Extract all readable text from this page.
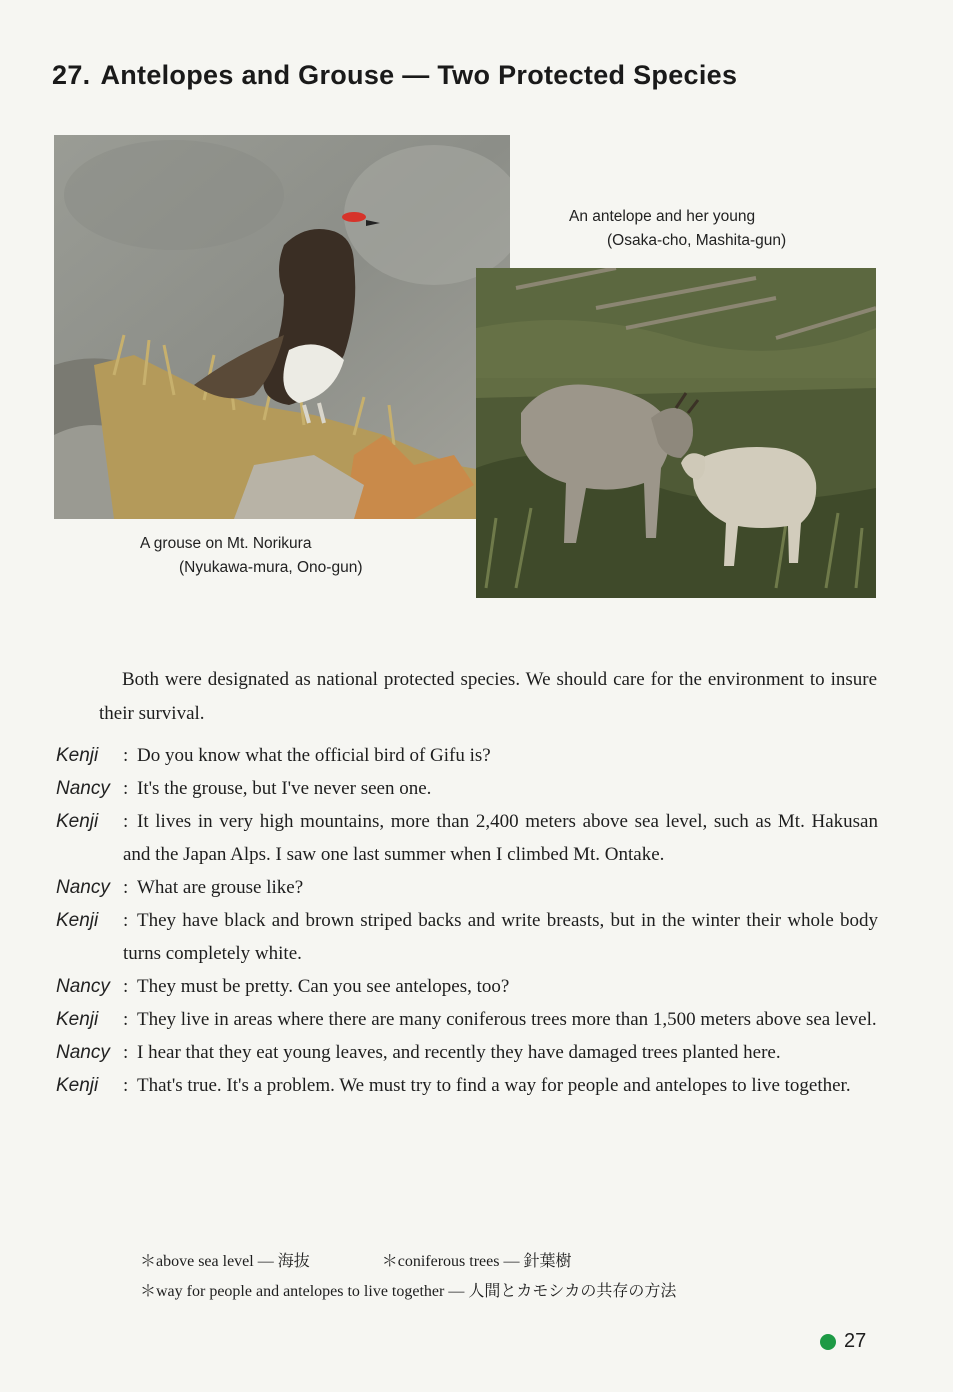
27. Antelopes and Grouse — Two Protected Species
An antelope and her young
(Osaka-cho, Mashita-gun)
A grouse on Mt. Norikura
(Nyukawa-mura, Ono-gun)
Both were designated as national protected species. We should care for the environment to insure their survival.
Kenji	: Do you know what the official bird of Gifu is?
Nancy : It's the grouse, but I've never seen one.
Kenji	: It lives in very high mountains, more than 2,400 meters above sea level, such as Mt. Hakusan and the Japan Alps. I saw one last summer when I climbed Mt. Ontake.
Nancy : What are grouse like?
Kenji	: They have black and brown striped backs and write breasts, but in the winter their whole body turns completely white.
Nancy : They must be pretty. Can you see antelopes, too?
Kenji	: They live in areas where there are many coniferous trees more than 1,500 meters above sea level.
Nancy : I hear that they eat young leaves, and recently they have damaged trees planted here.
Kenji	: That's true. It's a problem. We must try to find a way for people and antelopes to live together.
＊above sea level — 海抜	＊coniferous trees — 針葉樹
＊way for people and antelopes to live together — 人間とカモシカの共存の方法
27
